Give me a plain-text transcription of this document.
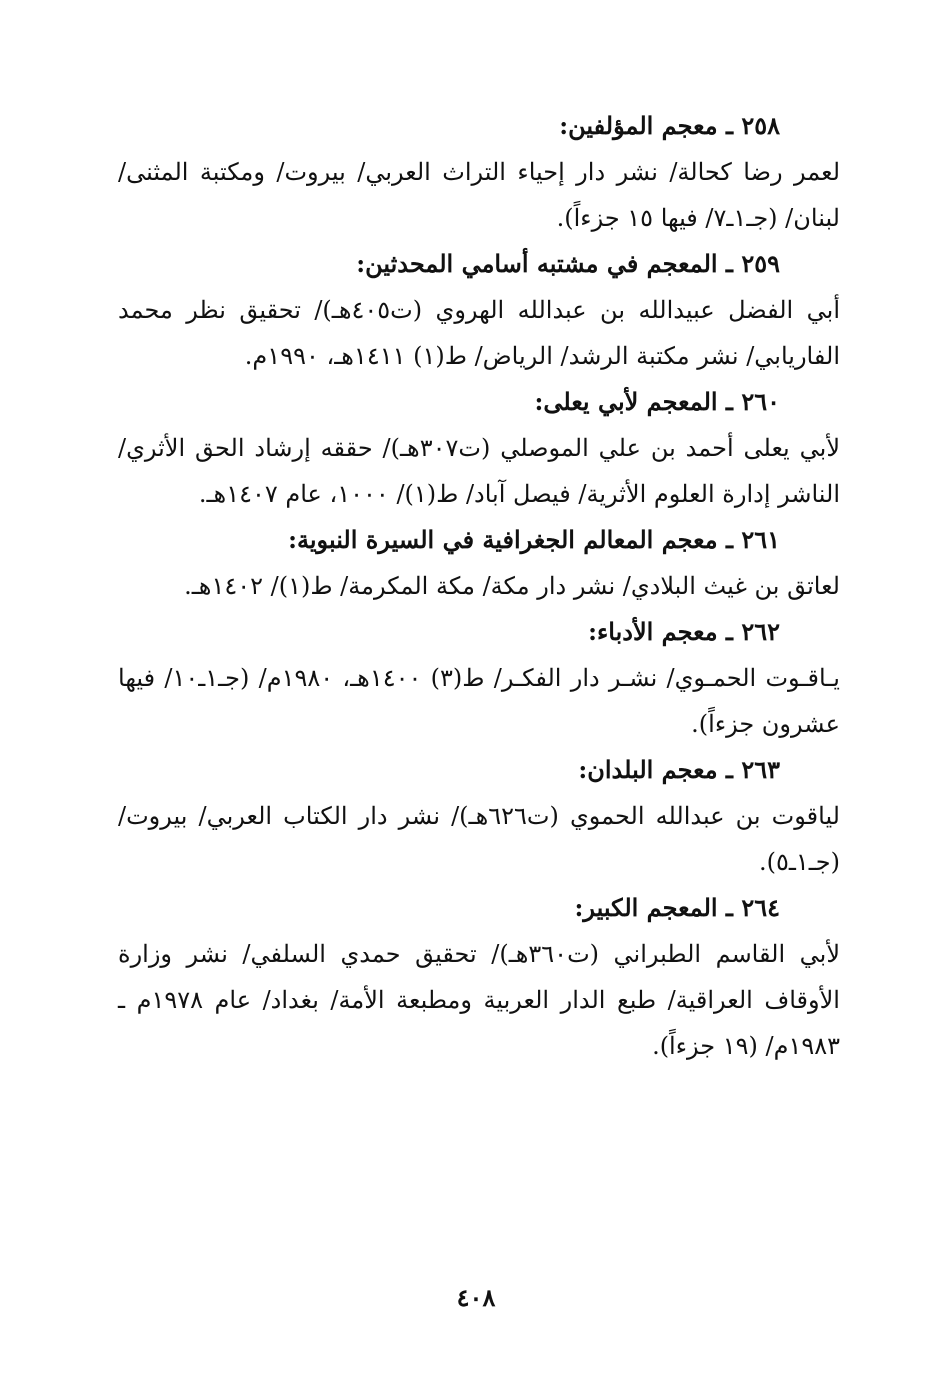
٢٥٨ ـ معجم المؤلفين:

لعمر رضا كحالة/ نشر دار إحياء التراث العربي/ بيروت/ ومكتبة المثنى/ لبنان/ (جـ١ـ٧/ فيها ١٥ جزءاً).

٢٥٩ ـ المعجم في مشتبه أسامي المحدثين:

أبي الفضل عبيدالله بن عبدالله الهروي (ت٤٠٥هـ)/ تحقيق نظر محمد الفاريابي/ نشر مكتبة الرشد/ الرياض/ ط(١) ١٤١١هـ، ١٩٩٠م.

٢٦٠ ـ المعجم لأبي يعلى:

لأبي يعلى أحمد بن علي الموصلي (ت٣٠٧هـ)/ حققه إرشاد الحق الأثري/ الناشر إدارة العلوم الأثرية/ فيصل آباد/ ط(١)/ ١٠٠٠، عام ١٤٠٧هـ.

٢٦١ ـ معجم المعالم الجغرافية في السيرة النبوية:

لعاتق بن غيث البلادي/ نشر دار مكة/ مكة المكرمة/ ط(١)/ ١٤٠٢هـ.

٢٦٢ ـ معجم الأدباء:

يـاقـوت الحمـوي/ نشـر دار الفكـر/ ط(٣) ١٤٠٠هـ، ١٩٨٠م/ (جـ١ـ١٠/ فيها عشرون جزءاً).

٢٦٣ ـ معجم البلدان:

لياقوت بن عبدالله الحموي (ت٦٢٦هـ)/ نشر دار الكتاب العربي/ بيروت/ (جـ١ـ٥).

٢٦٤ ـ المعجم الكبير:

لأبي القاسم الطبراني (ت٣٦٠هـ)/ تحقيق حمدي السلفي/ نشر وزارة الأوقاف العراقية/ طبع الدار العربية ومطبعة الأمة/ بغداد/ عام ١٩٧٨م ـ ١٩٨٣م/ (١٩ جزءاً).

٤٠٨
